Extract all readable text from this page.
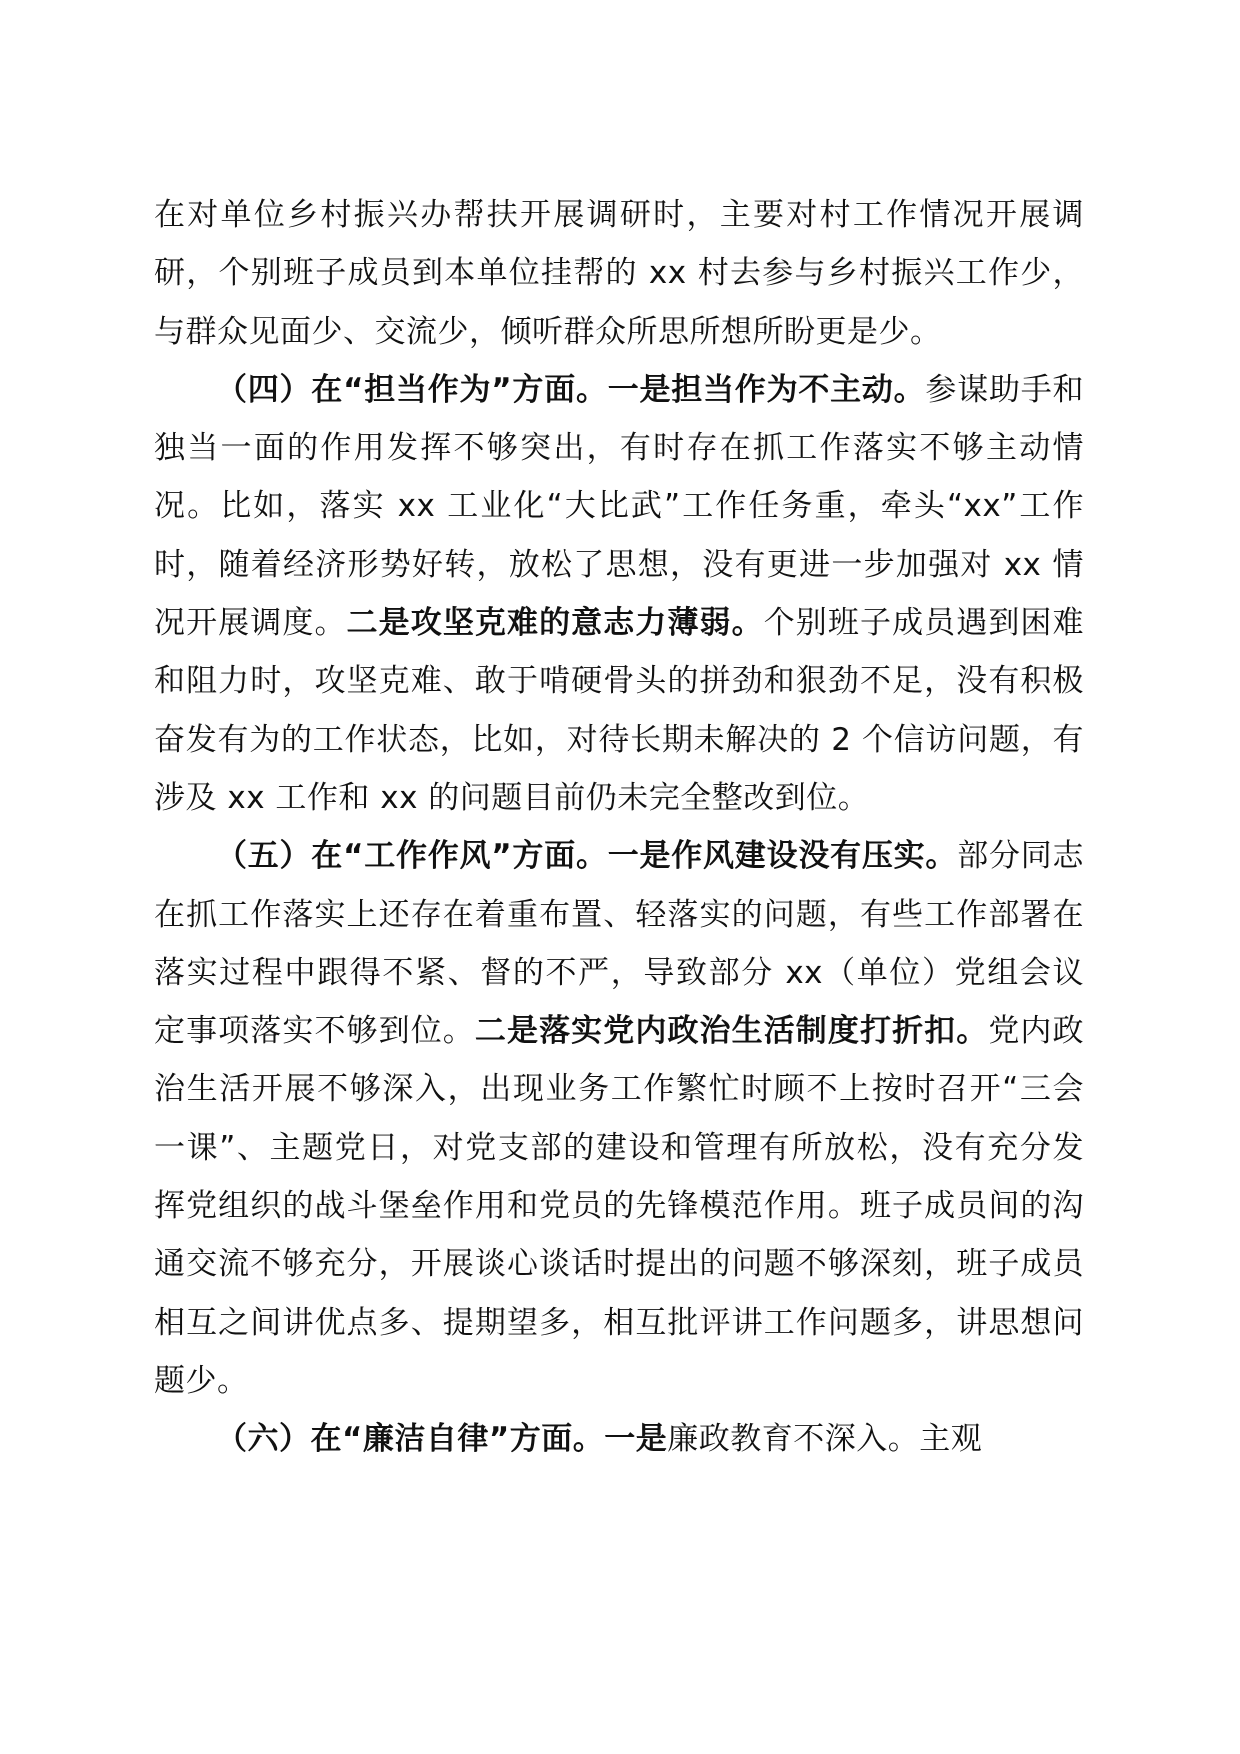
在对单位乡村振兴办帮扶开展调研时，主要对村工作情况开展调研，个别班子成员到本单位挂帮的 xx 村去参与乡村振兴工作少，与群众见面少、交流少，倾听群众所思所想所盼更是少。

（四）在“担当作为”方面。一是担当作为不主动。参谋助手和独当一面的作用发挥不够突出，有时存在抓工作落实不够主动情况。比如，落实 xx 工业化“大比武”工作任务重，牵头“xx”工作时，随着经济形势好转，放松了思想，没有更进一步加强对 xx 情况开展调度。二是攻坚克难的意志力薄弱。个别班子成员遇到困难和阻力时，攻坚克难、敢于啃硬骨头的拼劲和狠劲不足，没有积极奋发有为的工作状态，比如，对待长期未解决的 2 个信访问题，有涉及 xx 工作和 xx 的问题目前仍未完全整改到位。

（五）在“工作作风”方面。一是作风建设没有压实。部分同志在抓工作落实上还存在着重布置、轻落实的问题，有些工作部署在落实过程中跟得不紧、督的不严，导致部分 xx（单位）党组会议定事项落实不够到位。二是落实党内政治生活制度打折扣。党内政治生活开展不够深入，出现业务工作繁忙时顾不上按时召开“三会一课”、主题党日，对党支部的建设和管理有所放松，没有充分发挥党组织的战斗堡垒作用和党员的先锋模范作用。班子成员间的沟通交流不够充分，开展谈心谈话时提出的问题不够深刻，班子成员相互之间讲优点多、提期望多，相互批评讲工作问题多，讲思想问题少。

（六）在“廉洁自律”方面。一是廉政教育不深入。主观
